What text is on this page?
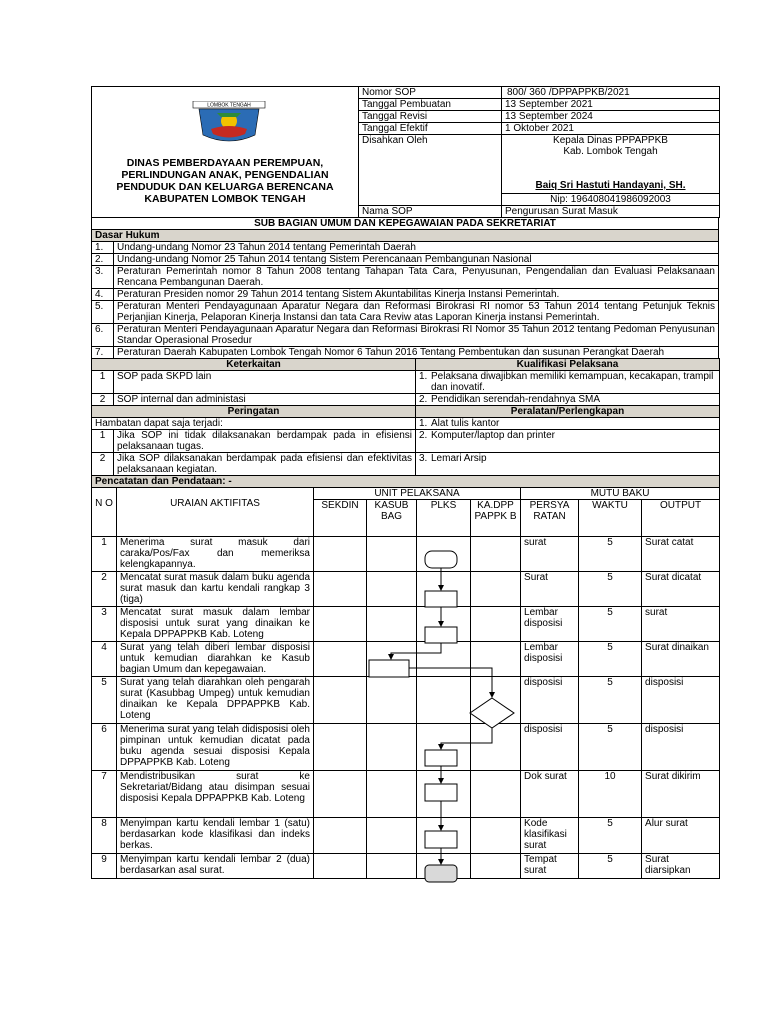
LOMBOK TENGAH
DINAS PEMBERDAYAAN PEREMPUAN,
PERLINDUNGAN ANAK, PENGENDALIAN
PENDUDUK DAN KELUARGA BERENCANA
KABUPATEN LOMBOK TENGAH	Nomor SOP	800/ 360 /DPPAPPKB/2021
	Tanggal Pembuatan	13 September 2021
	Tanggal Revisi	13 September 2024
	Tanggal Efektif	1 Oktober 2021
	Disahkan Oleh	Kepala Dinas PPPAPPKB
Kab. Lombok Tengah

		Baiq Sri Hastuti Handayani, SH.
		Nip: 196408041986092003
	Nama SOP	Pengurusan Surat Masuk
SUB BAGIAN UMUM DAN KEPEGAWAIAN PADA SEKRETARIAT	
Dasar Hukum	
1.	Undang-undang Nomor 23 Tahun 2014 tentang Pemerintah Daerah
2.	Undang-undang Nomor 25 Tahun 2014 tentang Sistem Perencanaan Pembangunan Nasional
3.	Peraturan Pemerintah nomor 8 Tahun 2008 tentang Tahapan Tata Cara, Penyusunan, Pengendalian dan Evaluasi Pelaksanaan Rencana Pembangunan Daerah.
4.	Peraturan Presiden nomor 29 Tahun 2014 tentang Sistem Akuntabilitas Kinerja Instansi Pemerintah.
5.	Peraturan Menteri Pendayagunaan Aparatur Negara dan Reformasi Birokrasi RI nomor 53 Tahun 2014 tentang Petunjuk Teknis Perjanjian Kinerja, Pelaporan Kinerja Instansi dan tata Cara Reviw atas Laporan Kinerja instansi Pemerintah.
6.	Peraturan Menteri Pendayagunaan Aparatur Negara dan Reformasi Birokrasi RI Nomor 35 Tahun 2012 tentang Pedoman Penyusunan Standar Operasional Prosedur
7.	Peraturan Daerah Kabupaten Lombok Tengah Nomor 6 Tahun 2016 Tentang Pembentukan dan susunan Perangkat Daerah
Keterkaitan		Kualifikasi Pelaksana
1	SOP pada SKPD lain	1. Pelaksana diwajibkan memiliki kemampuan, kecakapan, trampil dan inovatif.

2	SOP internal dan administasi	2. Pendidikan serendah-rendahnya SMA

Peringatan		Peralatan/Perlengkapan
Hambatan dapat saja terjadi:		1. Alat tulis kantor

1	Jika SOP ini tidak dilaksanakan berdampak pada in efisiensi pelaksanaan tugas.	2. Komputer/laptop dan printer

2	Jika SOP dilaksanakan berdampak pada efisiensi dan efektivitas pelaksanaan kegiatan.	3. Lemari Arsip

Pencatatan dan Pendataan: -		
N O	URAIAN AKTIFITAS	UNIT PELAKSANA				MUTU BAKU		
		SEKDIN	KASUB BAG	PLKS	KA.DPP PAPPK B	PERSYA RATAN	WAKTU	OUTPUT
1	Menerima surat masuk dari caraka/Pos/Fax dan memeriksa kelengkapannya.					surat	5	Surat catat
2	Mencatat surat masuk dalam buku agenda surat masuk dan kartu kendali rangkap 3 (tiga)					Surat	5	Surat dicatat
3	Mencatat surat masuk dalam lembar disposisi untuk surat yang dinaikan ke Kepala DPPAPPKB Kab. Loteng					Lembar disposisi	5	surat
4	Surat yang telah diberi lembar disposisi untuk kemudian diarahkan ke Kasub bagian Umum dan kepegawaian.					Lembar disposisi	5	Surat dinaikan
5	Surat yang telah diarahkan oleh pengarah surat (Kasubbag Umpeg) untuk kemudian dinaikan ke Kepala DPPAPPKB Kab. Loteng					disposisi	5	disposisi
6	Menerima surat yang telah didisposisi oleh pimpinan untuk kemudian dicatat pada buku agenda sesuai disposisi Kepala DPPAPPKB Kab. Loteng					disposisi	5	disposisi
7	Mendistribusikan surat ke Sekretariat/Bidang atau disimpan sesuai disposisi Kepala DPPAPPKB Kab. Loteng					Dok surat	10	Surat dikirim
8	Menyimpan kartu kendali lembar 1 (satu) berdasarkan kode klasifikasi dan indeks berkas.					Kode klasifikasi surat	5	Alur surat
9	Menyimpan kartu kendali lembar 2 (dua) berdasarkan asal surat.					Tempat surat	5	Surat diarsipkan
